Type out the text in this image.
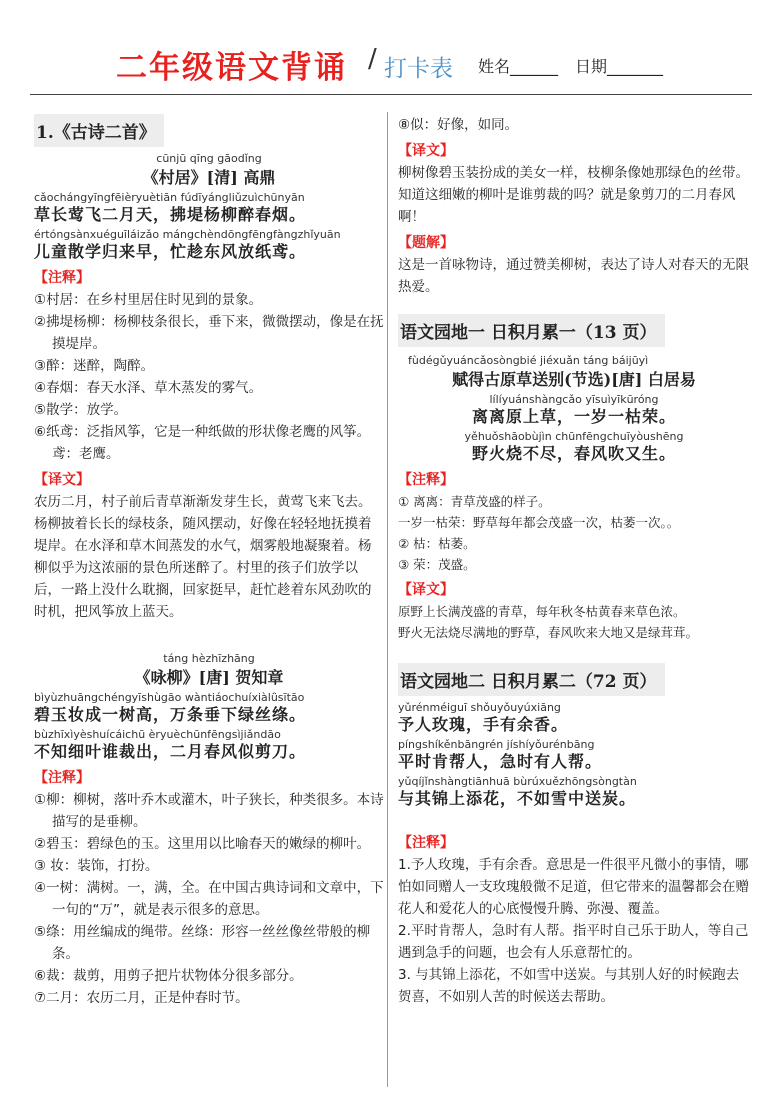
二年级语文背诵 / 打卡表 姓名______ 日期_______
1.《古诗二首》
cūnjū qīng gāodǐng
《村居》[清] 高鼎
cǎochángyīngfēièryuètiān fúdīyángliǔzuìchūnyān
草长莺飞二月天，拂堤杨柳醉春烟。
értóngsànxuéguīláizǎo mángchèndōngfēngfàngzhǐyuān
儿童散学归来早，忙趁东风放纸鸢。
【注释】
①村居：在乡村里居住时见到的景象。
②拂堤杨柳：杨柳枝条很长，垂下来，微微摆动，像是在抚摸堤岸。
③醉：迷醉，陶醉。
④春烟：春天水泽、草木蒸发的雾气。
⑤散学：放学。
⑥纸鸢：泛指风筝，它是一种纸做的形状像老鹰的风筝。鸢：老鹰。
【译文】
农历二月，村子前后青草渐渐发芽生长，黄莺飞来飞去。杨柳披着长长的绿枝条，随风摆动，好像在轻轻地抚摸着堤岸。在水泽和草木间蒸发的水气，烟雾般地凝聚着。杨柳似乎为这浓丽的景色所迷醉了。村里的孩子们放学以后，一路上没什么耽搁，回家挺早，赶忙趁着东风劲吹的时机，把风筝放上蓝天。
táng hèzhīzhāng
《咏柳》[唐] 贺知章
bìyùzhuāngchéngyīshùgāo wàntiáochuíxiàlǜsītāo
碧玉妆成一树高，万条垂下绿丝绦。
bùzhīxìyèshuícáichū èryuèchūnfēngsìjiǎndāo
不知细叶谁裁出，二月春风似剪刀。
【注释】
①柳：柳树，落叶乔木或灌木，叶子狭长，种类很多。本诗描写的是垂柳。
②碧玉：碧绿色的玉。这里用以比喻春天的嫩绿的柳叶。
③ 妆：装饰，打扮。
④一树：满树。一，满，全。在中国古典诗词和文章中，下一句的“万”，就是表示很多的意思。
⑤绦：用丝编成的绳带。丝绦：形容一丝丝像丝带般的柳条。
⑥裁：裁剪，用剪子把片状物体分很多部分。
⑦二月：农历二月，正是仲春时节。
⑧似：好像，如同。
【译文】
柳树像碧玉装扮成的美女一样，枝柳条像她那绿色的丝带。知道这细嫩的柳叶是谁剪裁的吗？就是象剪刀的二月春风啊！
【题解】
这是一首咏物诗，通过赞美柳树，表达了诗人对春天的无限热爱。
语文园地一 日积月累一（13 页）
fùdégǔyuáncǎosòngbié jiéxuǎn táng báijūyì
赋得古原草送别(节选)[唐] 白居易
lílíyuánshàngcǎo yīsuìyīkūróng
离离原上草，一岁一枯荣。
yěhuǒshāobùjìn chūnfēngchuīyòushēng
野火烧不尽，春风吹又生。
【注释】
① 离离：青草茂盛的样子。
一岁一枯荣：野草每年都会茂盛一次，枯萎一次。。
② 枯：枯萎。
③ 荣：茂盛。
【译文】
原野上长满茂盛的青草，每年秋冬枯黄春来草色浓。
野火无法烧尽满地的野草，春风吹来大地又是绿茸茸。
语文园地二 日积月累二（72 页）
yǔrénméiguī shǒuyǒuyúxiāng
予人玫瑰，手有余香。
píngshíkěnbāngrén jíshíyǒurénbāng
平时肯帮人，急时有人帮。
yǔqíjǐnshàngtiānhuā bùrúxuězhōngsòngtàn
与其锦上添花，不如雪中送炭。
【注释】
1.予人玫瑰，手有余香。意思是一件很平凡微小的事情，哪怕如同赠人一支玫瑰般微不足道，但它带来的温馨都会在赠花人和爱花人的心底慢慢升腾、弥漫、覆盖。
2.平时肯帮人，急时有人帮。指平时自己乐于助人，等自己遇到急手的问题，也会有人乐意帮忙的。
3. 与其锦上添花，不如雪中送炭。与其别人好的时候跑去贺喜，不如别人苦的时候送去帮助。
